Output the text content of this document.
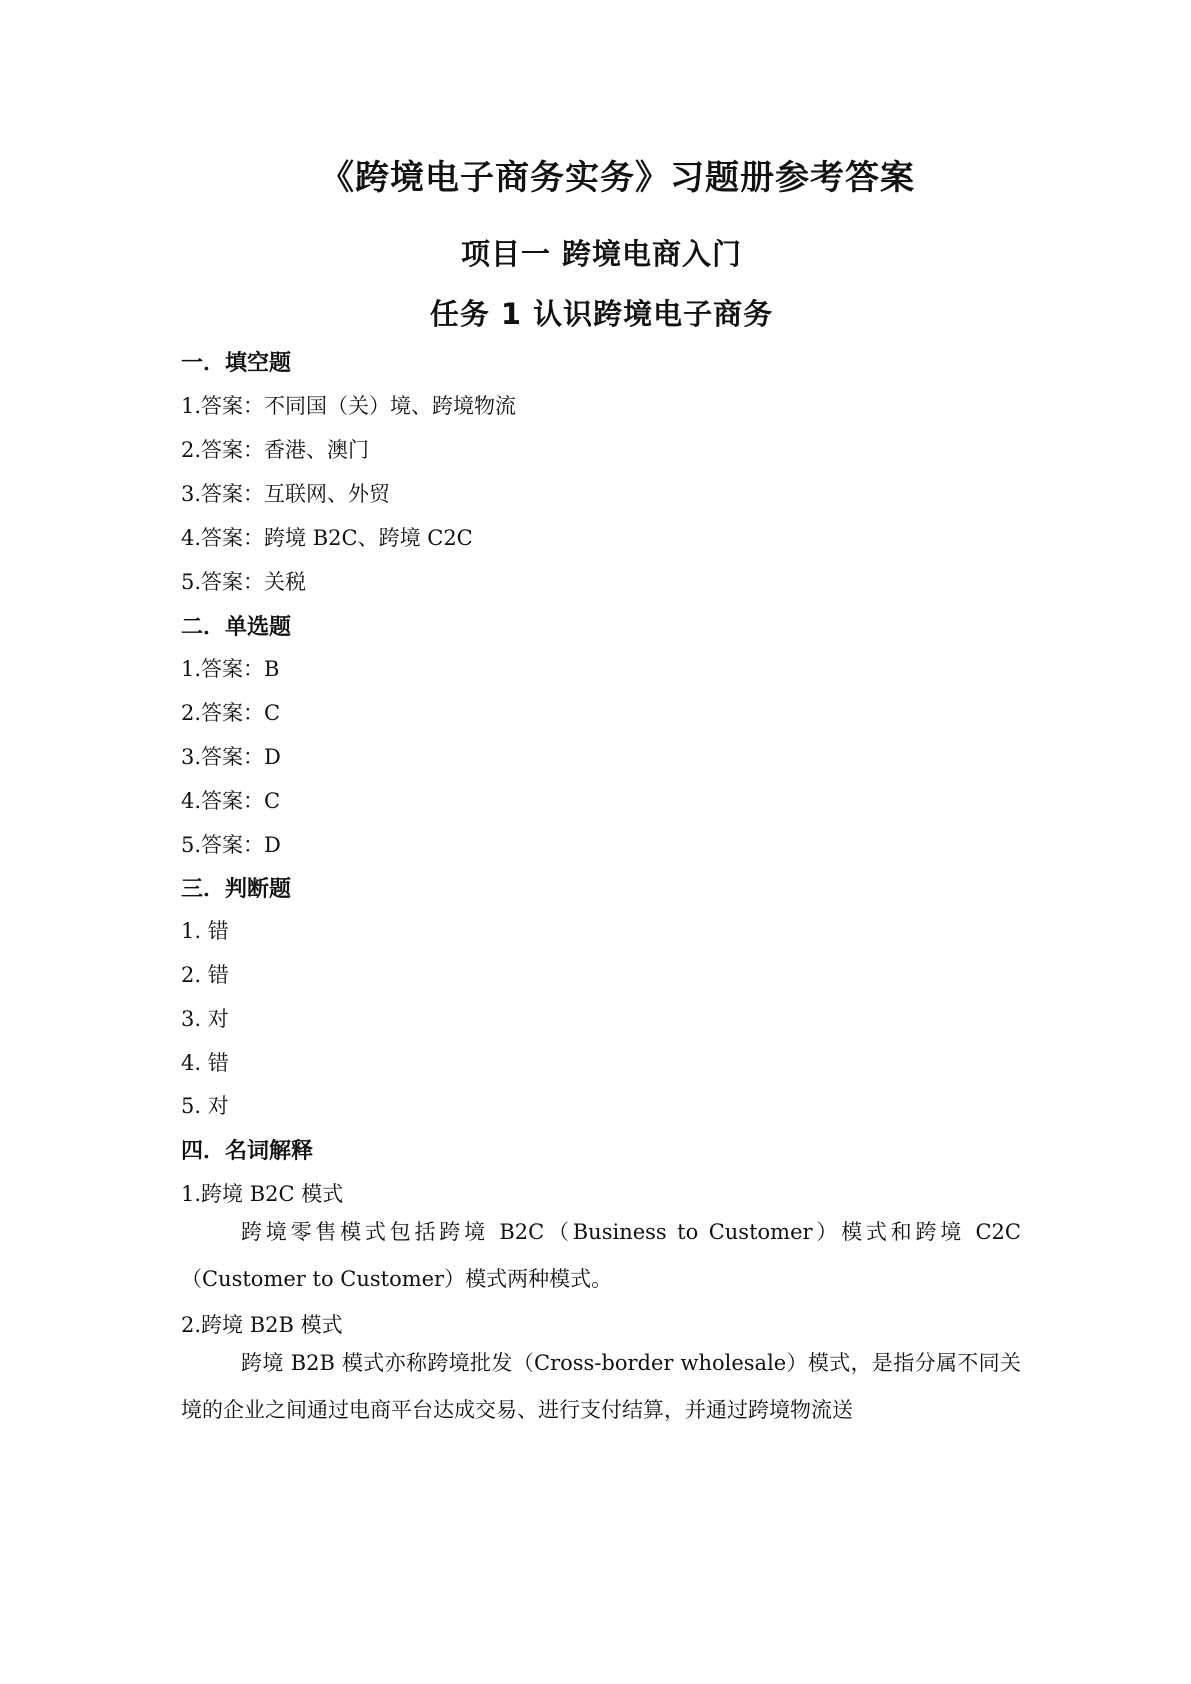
《跨境电子商务实务》习题册参考答案
项目一 跨境电商入门
任务 1 认识跨境电子商务
一．填空题
1.答案：不同国（关）境、跨境物流
2.答案：香港、澳门
3.答案：互联网、外贸
4.答案：跨境 B2C、跨境 C2C
5.答案：关税
二．单选题
1.答案：B
2.答案：C
3.答案：D
4.答案：C
5.答案：D
三．判断题
1. 错
2. 错
3. 对
4. 错
5. 对
四．名词解释
1.跨境 B2C 模式
跨境零售模式包括跨境 B2C（Business to Customer）模式和跨境 C2C（Customer to Customer）模式两种模式。
2.跨境 B2B 模式
跨境 B2B 模式亦称跨境批发（Cross-border wholesale）模式，是指分属不同关境的企业之间通过电商平台达成交易、进行支付结算，并通过跨境物流送
